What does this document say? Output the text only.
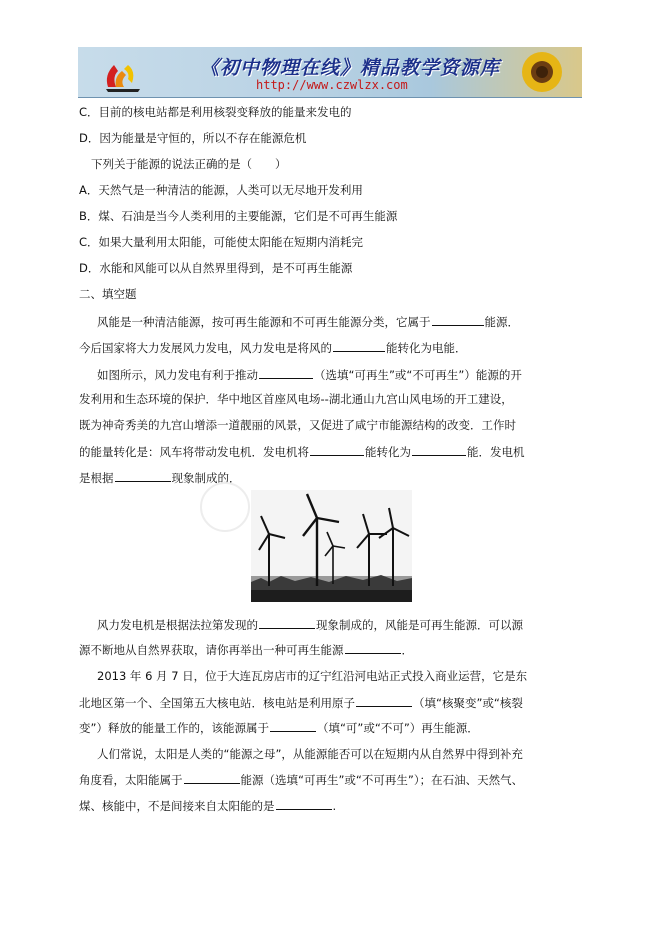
《初中物理在线》精品教学资源库
http://www.czwlzx.com
C．目前的核电站都是利用核裂变释放的能量来发电的
D．因为能量是守恒的，所以不存在能源危机
下列关于能源的说法正确的是（　　）
A．天然气是一种清洁的能源，人类可以无尽地开发利用
B．煤、石油是当今人类利用的主要能源，它们是不可再生能源
C．如果大量利用太阳能，可能使太阳能在短期内消耗完
D．水能和风能可以从自然界里得到，是不可再生能源
二、填空题
风能是一种清洁能源，按可再生能源和不可再生能源分类，它属于	能源．
今后国家将大力发展风力发电，风力发电是将风的	能转化为电能．
如图所示，风力发电有利于推动	（选填“可再生”或“不可再生”）能源的开
发利用和生态环境的保护．华中地区首座风电场--湖北通山九宫山风电场的开工建设，
既为神奇秀美的九宫山增添一道靓丽的风景，又促进了咸宁市能源结构的改变．工作时
的能量转化是：风车将带动发电机．发电机将	能转化为	能．发电机
是根据	现象制成的．
风力发电机是根据法拉第发现的	现象制成的，风能是可再生能源．可以源
源不断地从自然界获取，请你再举出一种可再生能源	．
2013 年 6 月 7 日，位于大连瓦房店市的辽宁红沿河电站正式投入商业运营，它是东
北地区第一个、全国第五大核电站．核电站是利用原子	（填“核聚变”或“核裂
变”）释放的能量工作的，该能源属于	（填“可”或“不可”）再生能源．
人们常说，太阳是人类的“能源之母”，从能源能否可以在短期内从自然界中得到补充
角度看，太阳能属于	能源（选填“可再生”或“不可再生”）；在石油、天然气、
煤、核能中，不是间接来自太阳能的是	.
